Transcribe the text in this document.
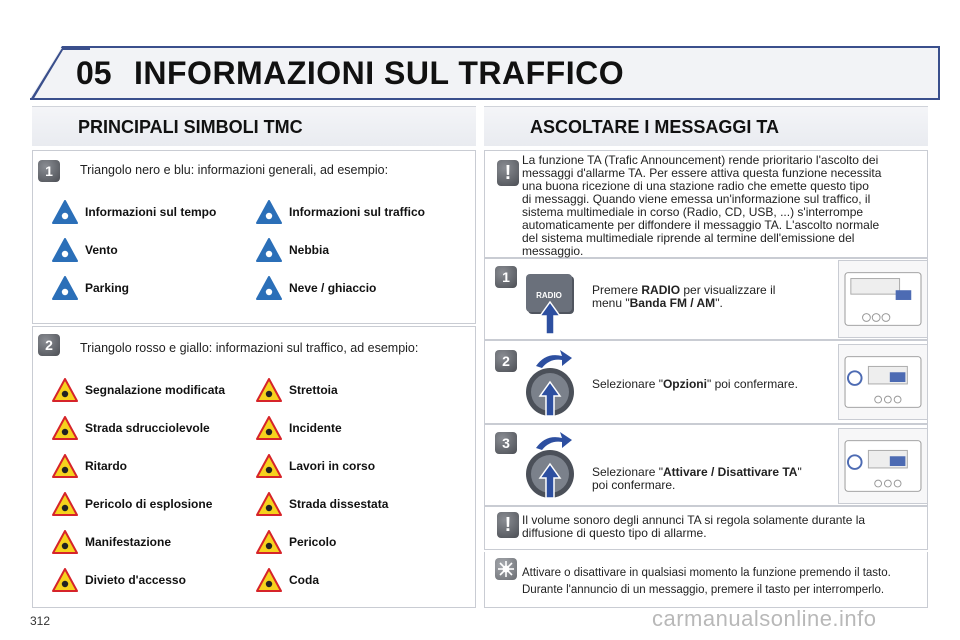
05 INFORMAZIONI SUL TRAFFICO
PRINCIPALI SIMBOLI TMC	ASCOLTARE I MESSAGGI TA
1	Triangolo nero e blu: informazioni generali, ad esempio:
Informazioni sul tempo	Informazioni sul traffico
Vento	Nebbia
Parking	Neve / ghiaccio
2	Triangolo rosso e giallo: informazioni sul traffico, ad esempio:
Segnalazione modificata	Strettoia
Strada sdrucciolevole	Incidente
Ritardo	Lavori in corso
Pericolo di esplosione	Strada dissestata
Manifestazione	Pericolo
Divieto d'accesso	Coda
!
La funzione TA (Trafic Announcement) rende prioritario l'ascolto dei
messaggi d'allarme TA. Per essere attiva questa funzione necessita
una buona ricezione di una stazione radio che emette questo tipo
di messaggi. Quando viene emessa un'informazione sul traffico, il
sistema multimediale in corso (Radio, CD, USB, ...) s'interrompe
automaticamente per diffondere il messaggio TA. L'ascolto normale
del sistema multimediale riprende al termine dell'emissione del
messaggio.
1
RADIO	Premere RADIO per visualizzare il
menu "Banda FM / AM".
2
Selezionare "Opzioni" poi confermare.
3
Selezionare "Attivare / Disattivare TA"
poi confermare.
! Il volume sonoro degli annunci TA si regola solamente durante la
diffusione di questo tipo di allarme.
Attivare o disattivare in qualsiasi momento la funzione premendo il tasto.
Durante l'annuncio di un messaggio, premere il tasto per interromperlo.
312	carmanualsonline.info
